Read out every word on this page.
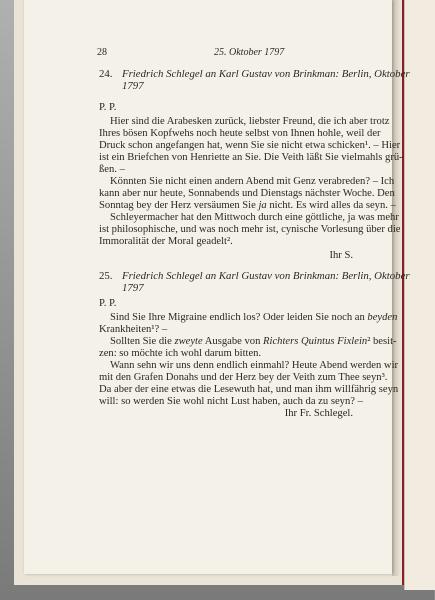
28	25. Oktober 1797
24. Friedrich Schlegel an Karl Gustav von Brinkman: Berlin, Oktober
1797
P. P.
Hier sind die Arabesken zurück, liebster Freund, die ich aber trotz
Ihres bösen Kopfwehs noch heute selbst von Ihnen hohle, weil der
Druck schon angefangen hat, wenn Sie sie nicht etwa schicken¹. – Hier
ist ein Briefchen von Henriette an Sie. Die Veith läßt Sie vielmahls grü-
ßen. –
Könnten Sie nicht einen andern Abend mit Genz verabreden? – Ich
kann aber nur heute, Sonnabends und Dienstags nächster Woche. Den
Sonntag bey der Herz versäumen Sie ja nicht. Es wird alles da seyn. –
Schleyermacher hat den Mittwoch durch eine göttliche, ja was mehr
ist philosophische, und was noch mehr ist, cynische Vorlesung über die
Immoralität der Moral geadelt².
Ihr S.
25. Friedrich Schlegel an Karl Gustav von Brinkman: Berlin, Oktober
1797
P. P.
Sind Sie Ihre Migraine endlich los? Oder leiden Sie noch an beyden
Krankheiten¹? –
Sollten Sie die zweyte Ausgabe von Richters Quintus Fixlein² besit-
zen: so möchte ich wohl darum bitten.
Wann sehn wir uns denn endlich einmahl? Heute Abend werden wir
mit den Grafen Donahs und der Herz bey der Veith zum Thee seyn³.
Da aber der eine etwas die Lesewuth hat, und man ihm willfährig seyn
will: so werden Sie wohl nicht Lust haben, auch da zu seyn? –
Ihr Fr. Schlegel.
